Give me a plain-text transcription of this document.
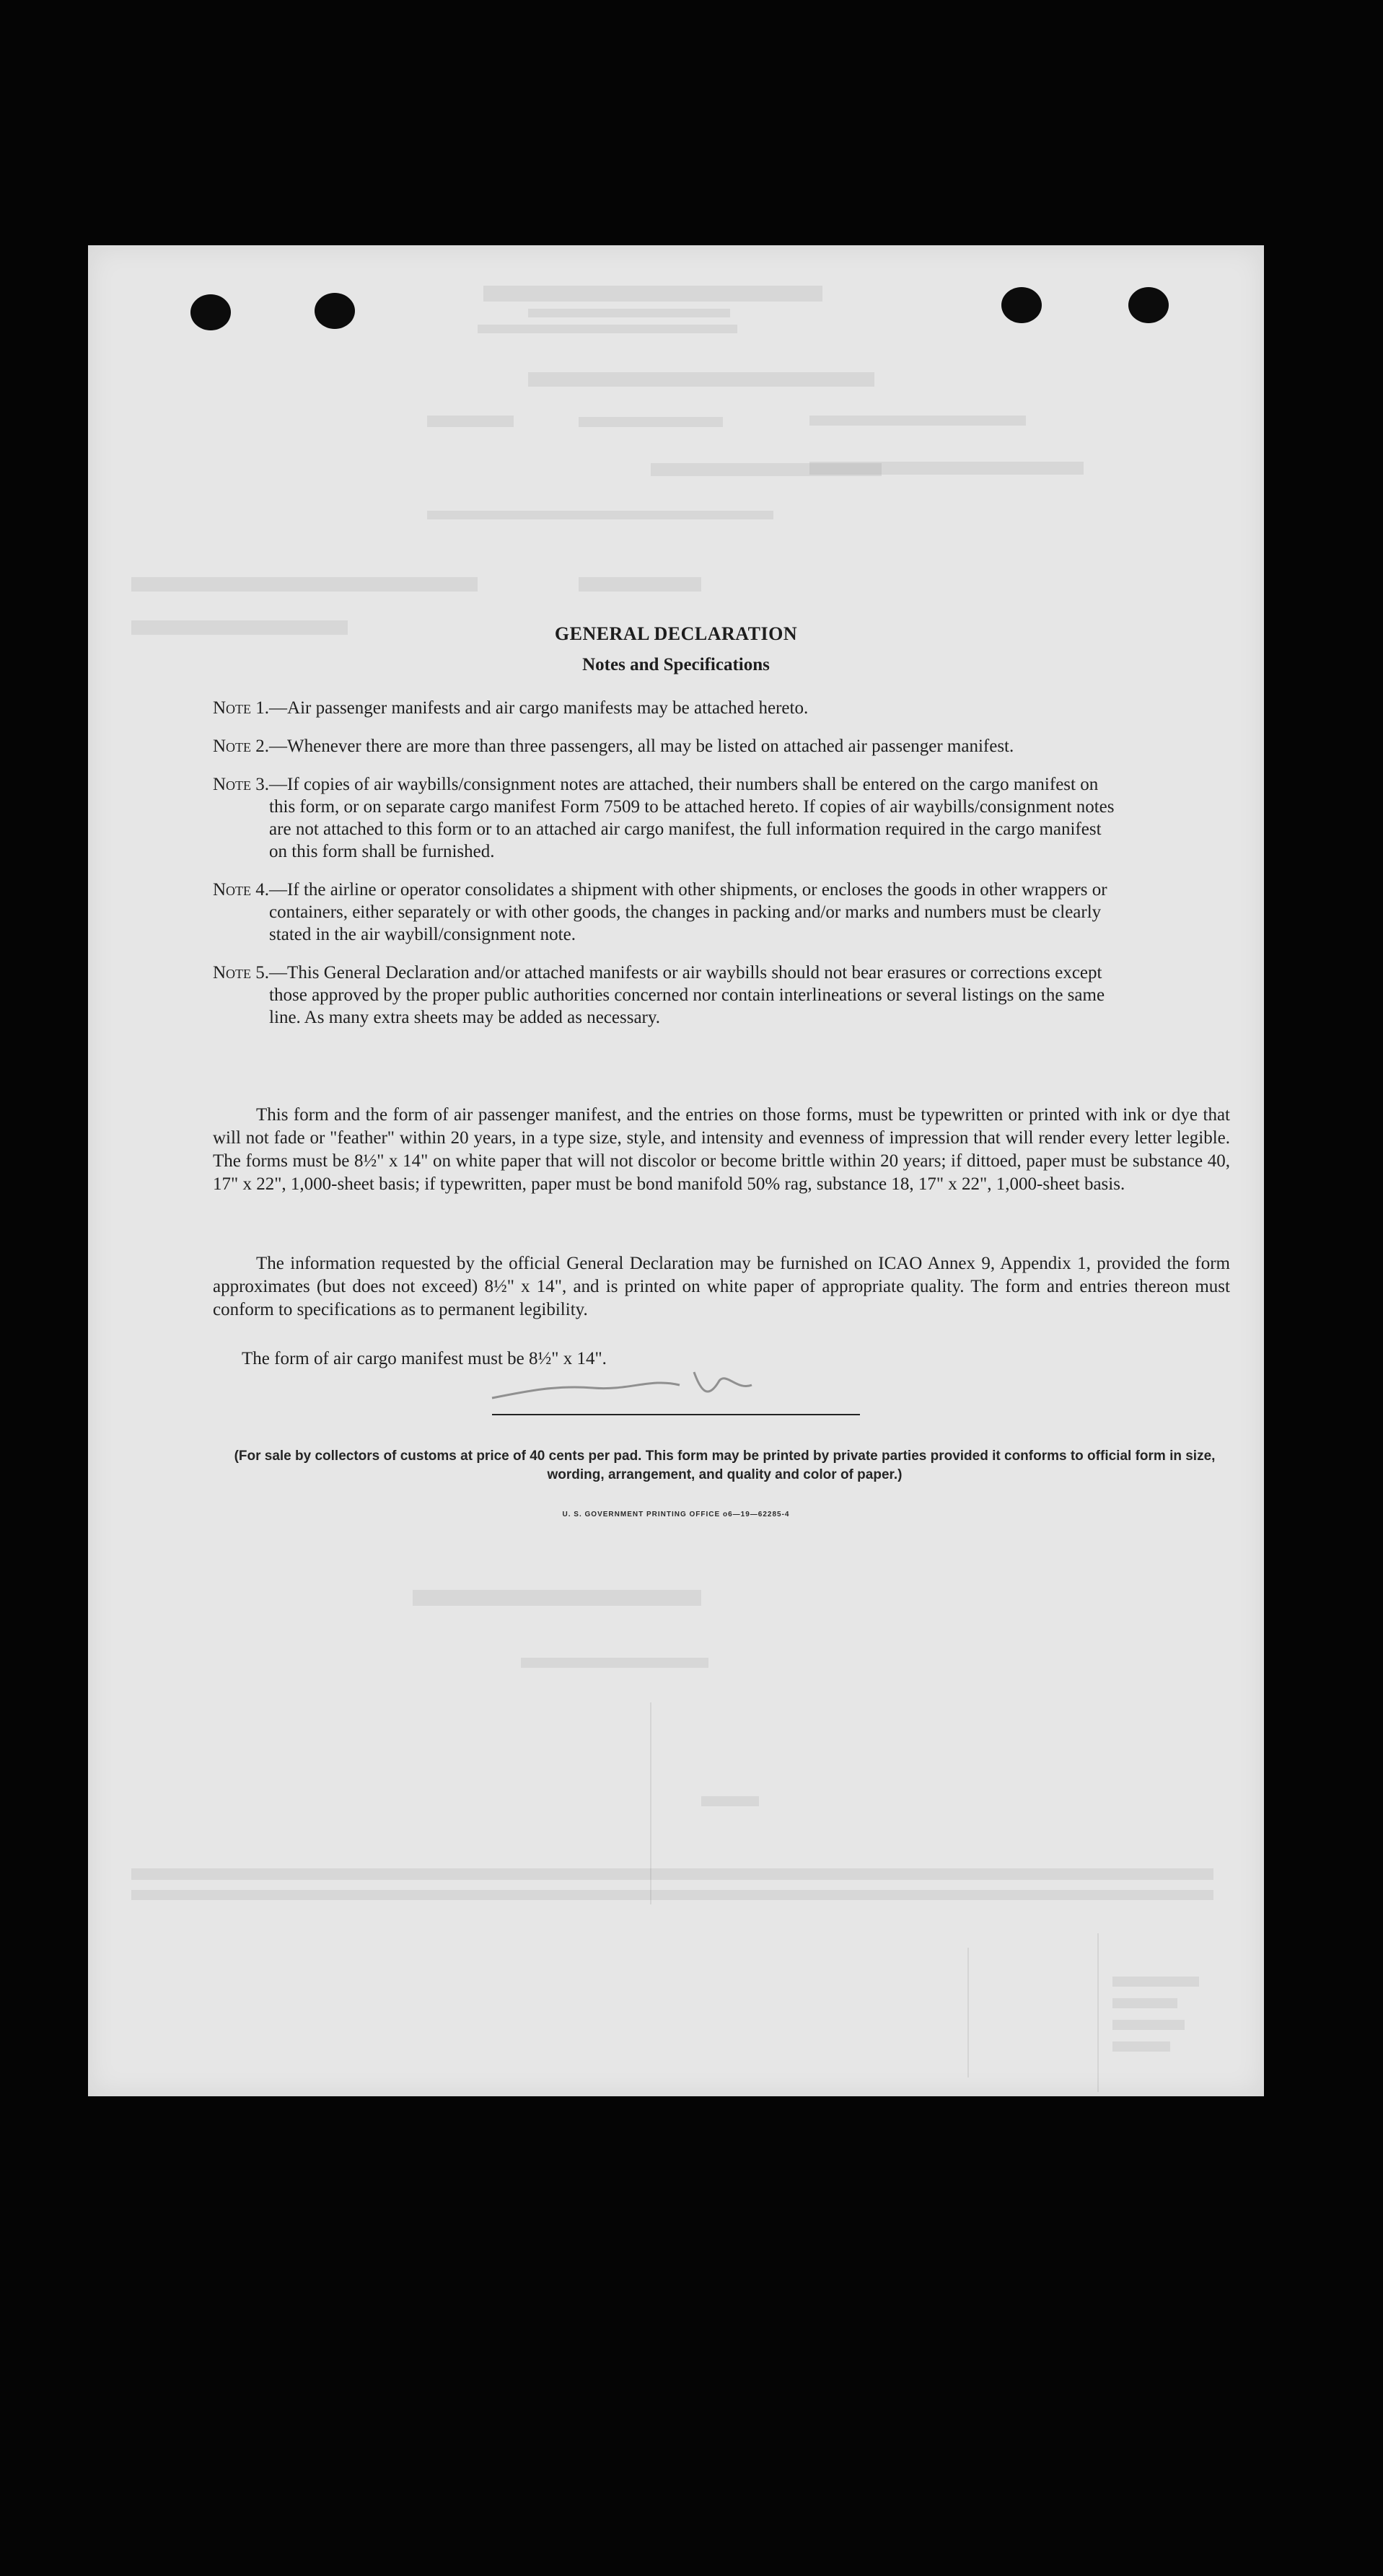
GENERAL DECLARATION
Notes and Specifications
Note 1. —Air passenger manifests and air cargo manifests may be attached hereto.
Note 2. —Whenever there are more than three passengers, all may be listed on attached air passenger manifest.
Note 3. —If copies of air waybills/consignment notes are attached, their numbers shall be entered on the cargo manifest on this form, or on separate cargo manifest Form 7509 to be attached hereto. If copies of air waybills/consignment notes are not attached to this form or to an attached air cargo manifest, the full information required in the cargo manifest on this form shall be furnished.
Note 4. —If the airline or operator consolidates a shipment with other shipments, or encloses the goods in other wrappers or containers, either separately or with other goods, the changes in packing and/or marks and numbers must be clearly stated in the air waybill/consignment note.
Note 5. —This General Declaration and/or attached manifests or air waybills should not bear erasures or corrections except those approved by the proper public authorities concerned nor contain interlineations or several listings on the same line. As many extra sheets may be added as necessary.

This form and the form of air passenger manifest, and the entries on those forms, must be typewritten or printed with ink or dye that will not fade or "feather" within 20 years, in a type size, style, and intensity and evenness of impression that will render every letter legible. The forms must be 8½" x 14" on white paper that will not discolor or become brittle within 20 years; if dittoed, paper must be substance 40, 17" x 22", 1,000-sheet basis; if typewritten, paper must be bond manifold 50% rag, substance 18, 17" x 22", 1,000-sheet basis.

The information requested by the official General Declaration may be furnished on ICAO Annex 9, Appendix 1, provided the form approximates (but does not exceed) 8½" x 14", and is printed on white paper of appropriate quality. The form and entries thereon must conform to specifications as to permanent legibility.

The form of air cargo manifest must be 8½" x 14".

(For sale by collectors of customs at price of 40 cents per pad. This form may be printed by private parties provided it conforms to official form in size, wording, arrangement, and quality and color of paper.)
U. S. GOVERNMENT PRINTING OFFICE o6—19—62285-4
